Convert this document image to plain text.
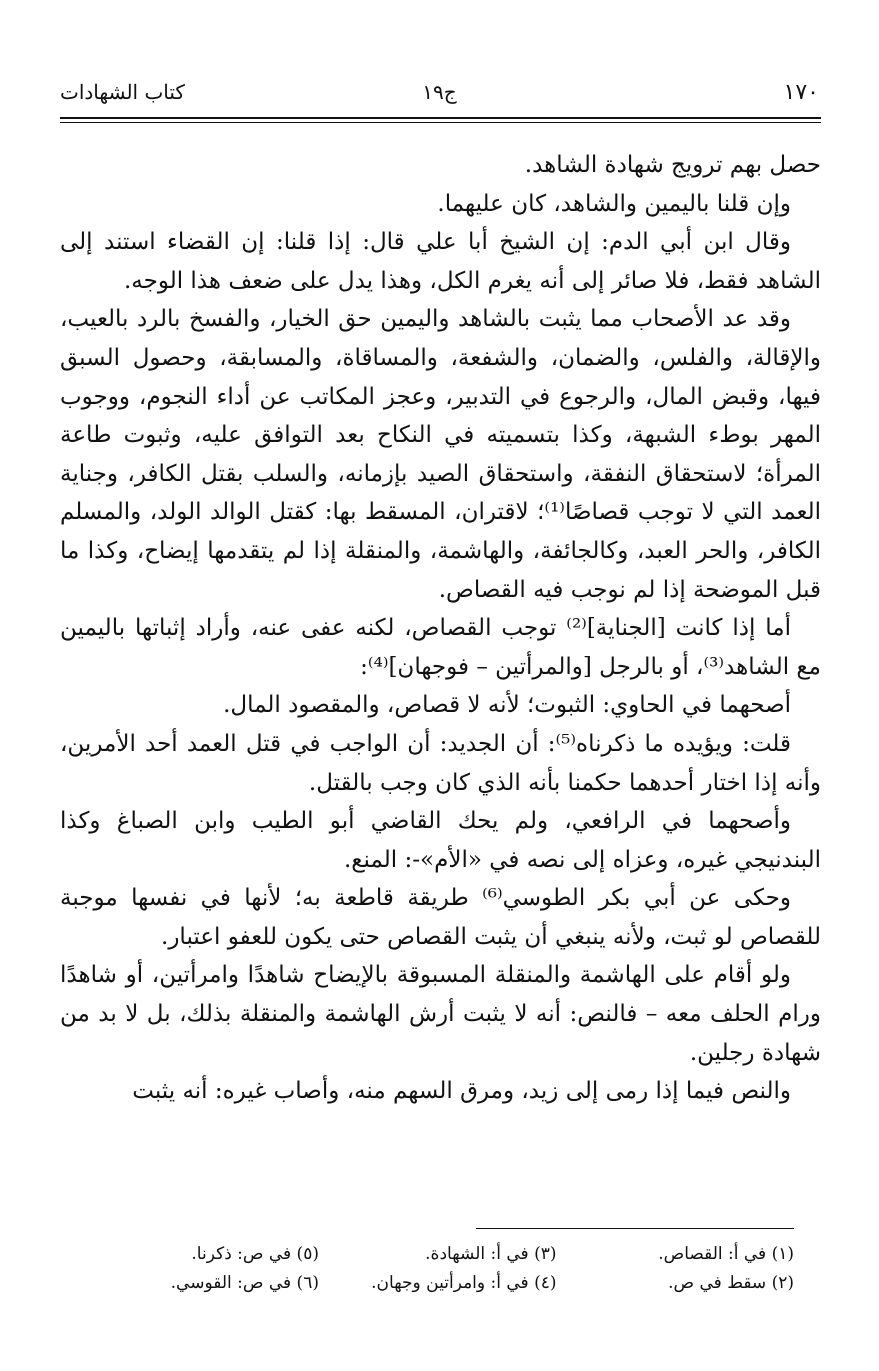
١٧٠
ج١٩
كتاب الشهادات

حصل بهم ترويج شهادة الشاهد.

وإن قلنا باليمين والشاهد، كان عليهما.

وقال ابن أبي الدم: إن الشيخ أبا علي قال: إذا قلنا: إن القضاء استند إلى الشاهد فقط، فلا صائر إلى أنه يغرم الكل، وهذا يدل على ضعف هذا الوجه.

وقد عد الأصحاب مما يثبت بالشاهد واليمين حق الخيار، والفسخ بالرد بالعيب، والإقالة، والفلس، والضمان، والشفعة، والمساقاة، والمسابقة، وحصول السبق فيها، وقبض المال، والرجوع في التدبير، وعجز المكاتب عن أداء النجوم، ووجوب المهر بوطء الشبهة، وكذا بتسميته في النكاح بعد التوافق عليه، وثبوت طاعة المرأة؛ لاستحقاق النفقة، واستحقاق الصيد بإزمانه، والسلب بقتل الكافر، وجناية العمد التي لا توجب قصاصًا⁽¹⁾؛ لاقتران، المسقط بها: كقتل الوالد الولد، والمسلم الكافر، والحر العبد، وكالجائفة، والهاشمة، والمنقلة إذا لم يتقدمها إيضاح، وكذا ما قبل الموضحة إذا لم نوجب فيه القصاص.

أما إذا كانت [الجناية]⁽²⁾ توجب القصاص، لكنه عفى عنه، وأراد إثباتها باليمين مع الشاهد⁽³⁾، أو بالرجل [والمرأتين – فوجهان]⁽⁴⁾:

أصحهما في الحاوي: الثبوت؛ لأنه لا قصاص، والمقصود المال.

قلت: ويؤيده ما ذكرناه⁽⁵⁾: أن الجديد: أن الواجب في قتل العمد أحد الأمرين، وأنه إذا اختار أحدهما حكمنا بأنه الذي كان وجب بالقتل.

وأصحهما في الرافعي، ولم يحك القاضي أبو الطيب وابن الصباغ وكذا البندنيجي غيره، وعزاه إلى نصه في «الأم»-: المنع.

وحكى عن أبي بكر الطوسي⁽⁶⁾ طريقة قاطعة به؛ لأنها في نفسها موجبة للقصاص لو ثبت، ولأنه ينبغي أن يثبت القصاص حتى يكون للعفو اعتبار.

ولو أقام على الهاشمة والمنقلة المسبوقة بالإيضاح شاهدًا وامرأتين، أو شاهدًا ورام الحلف معه – فالنص: أنه لا يثبت أرش الهاشمة والمنقلة بذلك، بل لا بد من شهادة رجلين.

والنص فيما إذا رمى إلى زيد، ومرق السهم منه، وأصاب غيره: أنه يثبت

(١) في أ: القصاص.
(٣) في أ: الشهادة.
(٥) في ص: ذكرنا.
(٢) سقط في ص.
(٤) في أ: وامرأتين وجهان.
(٦) في ص: القوسي.
